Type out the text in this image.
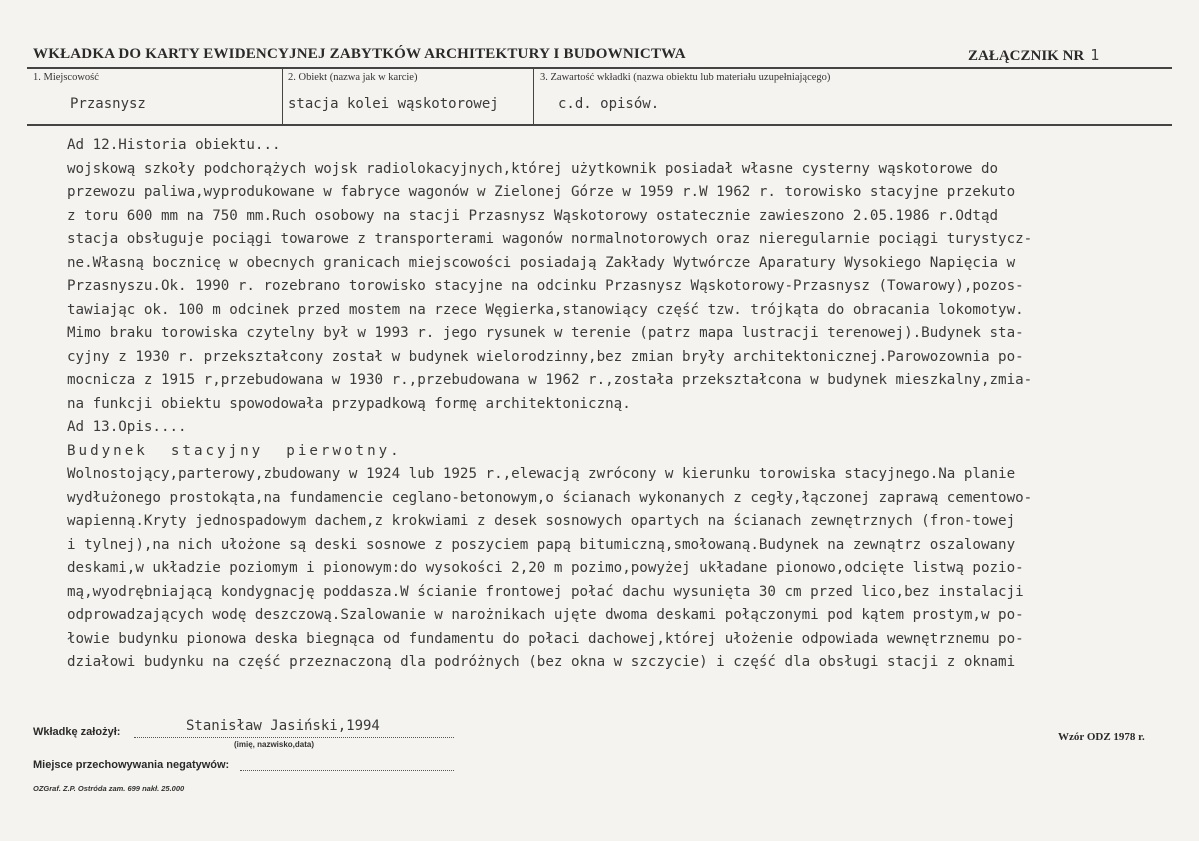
WKŁADKA DO KARTY EWIDENCYJNEJ ZABYTKÓW ARCHITEKTURY I BUDOWNICTWA	ZAŁĄCZNIK NR 1
1. Miejscowość
Przasnysz
2. Obiekt (nazwa jak w karcie)
stacja kolei wąskotorowej
3. Zawartość wkładki (nazwa obiektu lub materiału uzupełniającego)
c.d. opisów.
Ad 12.Historia obiektu...
wojskową szkoły podchorążych wojsk radiolokacyjnych,której użytkownik posiadał własne cysterny wąskotorowe do
przewozu paliwa,wyprodukowane w fabryce wagonów w Zielonej Górze w 1959 r.W 1962 r. torowisko stacyjne przekuto
z toru 600 mm na 750 mm.Ruch osobowy na stacji Przasnysz Wąskotorowy ostatecznie zawieszono 2.05.1986 r.Odtąd
stacja obsługuje pociągi towarowe z transporterami wagonów normalnotorowych oraz nieregularnie pociągi turystycz-
ne.Własną bocznicę w obecnych granicach miejscowości posiadają Zakłady Wytwórcze Aparatury Wysokiego Napięcia w
Przasnyszu.Ok. 1990 r. rozebrano torowisko stacyjne na odcinku Przasnysz Wąskotorowy-Przasnysz (Towarowy),pozos-
tawiając ok. 100 m odcinek przed mostem na rzece Węgierka,stanowiący część tzw. trójkąta do obracania lokomotyw.
Mimo braku torowiska czytelny był w 1993 r. jego rysunek w terenie (patrz mapa lustracji terenowej).Budynek sta-
cyjny z 1930 r. przekształcony został w budynek wielorodzinny,bez zmian bryły architektonicznej.Parowozownia po-
mocnicza z 1915 r,przebudowana w 1930 r.,przebudowana w 1962 r.,została przekształcona w budynek mieszkalny,zmia-
na funkcji obiektu spowodowała przypadkową formę architektoniczną.
Ad 13.Opis....
Budynek  stacyjny  pierwotny.
Wolnostojący,parterowy,zbudowany w 1924 lub 1925 r.,elewacją zwrócony w kierunku torowiska stacyjnego.Na planie
wydłużonego prostokąta,na fundamencie ceglano-betonowym,o ścianach wykonanych z cegły,łączonej zaprawą cementowo-
wapienną.Kryty jednospadowym dachem,z krokwiami z desek sosnowych opartych na ścianach zewnętrznych (fron-towej
i tylnej),na nich ułożone są deski sosnowe z poszyciem papą bitumiczną,smołowaną.Budynek na zewnątrz oszalowany
deskami,w układzie poziomym i pionowym:do wysokości 2,20 m pozimo,powyżej układane pionowo,odcięte listwą pozio-
mą,wyodrębniającą kondygnację poddasza.W ścianie frontowej połać dachu wysunięta 30 cm przed lico,bez instalacji
odprowadzających wodę deszczową.Szalowanie w narożnikach ujęte dwoma deskami połączonymi pod kątem prostym,w po-
łowie budynku pionowa deska biegnąca od fundamentu do połaci dachowej,której ułożenie odpowiada wewnętrznemu po-
działowi budynku na część przeznaczoną dla podróżnych (bez okna w szczycie) i część dla obsługi stacji z oknami
Wkładkę założył:	Stanisław Jasiński,1994
(imię, nazwisko,data)
Miejsce przechowywania negatywów:
Wzór ODZ 1978 r.
OZGraf. Z.P. Ostróda zam. 699 nakł. 25.000
